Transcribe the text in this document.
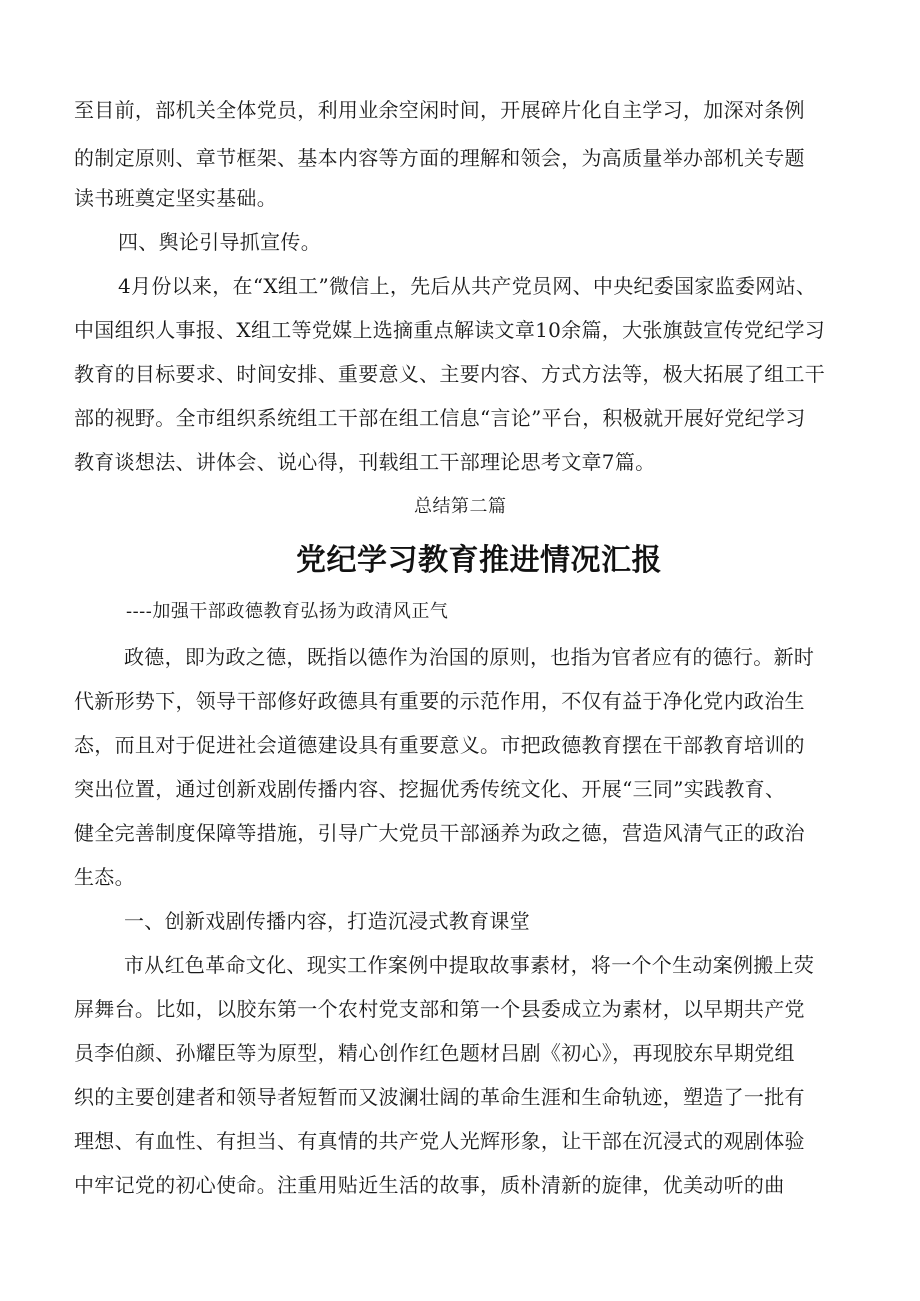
至目前，部机关全体党员，利用业余空闲时间，开展碎片化自主学习，加深对条例

的制定原则、章节框架、基本内容等方面的理解和领会，为高质量举办部机关专题

读书班奠定坚实基础。

四、舆论引导抓宣传。

4月份以来，在“X组工”微信上，先后从共产党员网、中央纪委国家监委网站、

中国组织人事报、X组工等党媒上选摘重点解读文章10余篇，大张旗鼓宣传党纪学习

教育的目标要求、时间安排、重要意义、主要内容、方式方法等，极大拓展了组工干

部的视野。全市组织系统组工干部在组工信息“言论”平台，积极就开展好党纪学习

教育谈想法、讲体会、说心得，刊载组工干部理论思考文章7篇。

总结第二篇

党纪学习教育推进情况汇报

----加强干部政德教育弘扬为政清风正气

政德，即为政之德，既指以德作为治国的原则，也指为官者应有的德行。新时

代新形势下，领导干部修好政德具有重要的示范作用，不仅有益于净化党内政治生

态，而且对于促进社会道德建设具有重要意义。市把政德教育摆在干部教育培训的

突出位置，通过创新戏剧传播内容、挖掘优秀传统文化、开展“三同”实践教育、

健全完善制度保障等措施，引导广大党员干部涵养为政之德，营造风清气正的政治

生态。

一、创新戏剧传播内容，打造沉浸式教育课堂

市从红色革命文化、现实工作案例中提取故事素材，将一个个生动案例搬上荧

屏舞台。比如，以胶东第一个农村党支部和第一个县委成立为素材，以早期共产党

员李伯颜、孙耀臣等为原型，精心创作红色题材吕剧《初心》，再现胶东早期党组

织的主要创建者和领导者短暂而又波澜壮阔的革命生涯和生命轨迹，塑造了一批有

理想、有血性、有担当、有真情的共产党人光辉形象，让干部在沉浸式的观剧体验

中牢记党的初心使命。注重用贴近生活的故事，质朴清新的旋律，优美动听的曲
